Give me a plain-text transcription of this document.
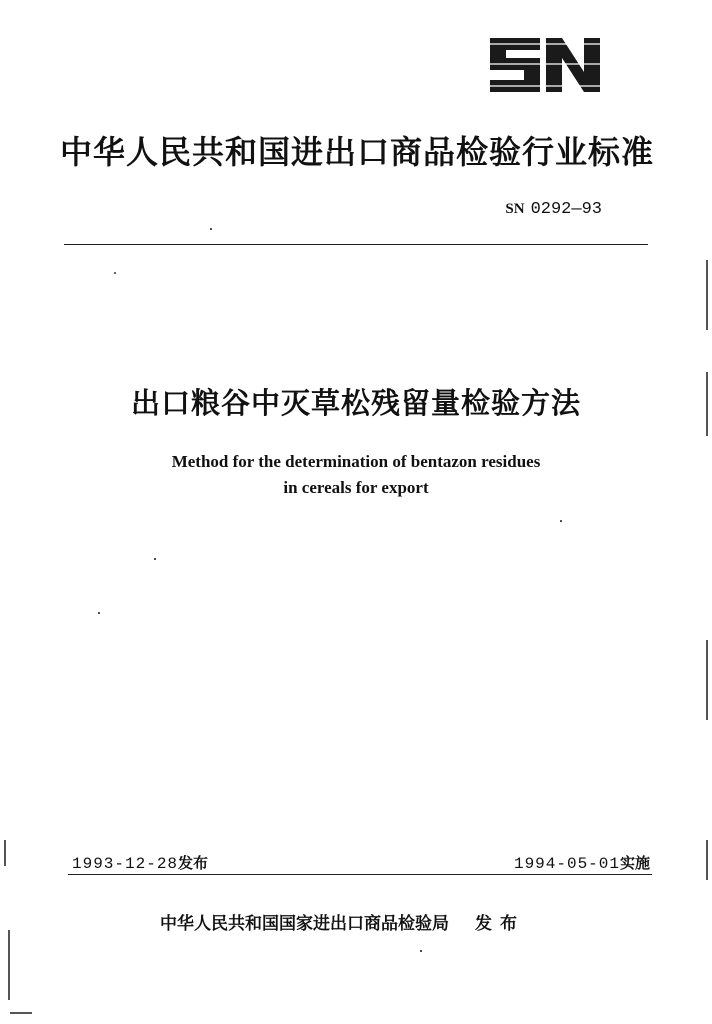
中华人民共和国进出口商品检验行业标准
SN 0292—93
出口粮谷中灭草松残留量检验方法
Method for the determination of bentazon residues
in cereals for export
1993-12-28发布	1994-05-01实施
中华人民共和国国家进出口商品检验局 发布
